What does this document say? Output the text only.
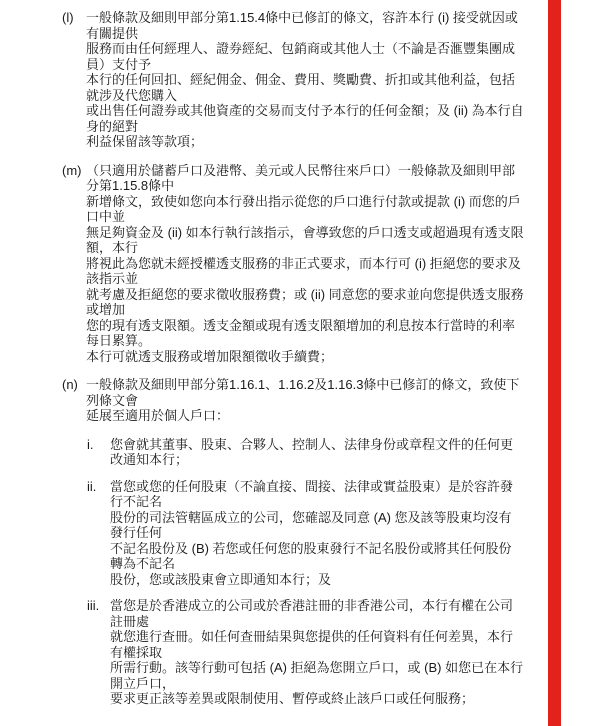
(l) 一般條款及細則甲部分第1.15.4條中已修訂的條文，容許本行 (i) 接受就因或有關提供
服務而由任何經理人、證券經紀、包銷商或其他人士（不論是否滙豐集團成員）支付予
本行的任何回扣、經紀佣金、佣金、費用、獎勵費、折扣或其他利益，包括就涉及代您購入
或出售任何證券或其他資產的交易而支付予本行的任何金額；及 (ii) 為本行自身的絕對
利益保留該等款項；
(m) （只適用於儲蓄戶口及港幣、美元或人民幣往來戶口）一般條款及細則甲部分第1.15.8條中
新增條文，致使如您向本行發出指示從您的戶口進行付款或提款 (i) 而您的戶口中並
無足夠資金及 (ii) 如本行執行該指示，會導致您的戶口透支或超過現有透支限額，本行
將視此為您就未經授權透支服務的非正式要求，而本行可 (i) 拒絕您的要求及該指示並
就考慮及拒絕您的要求徵收服務費；或 (ii) 同意您的要求並向您提供透支服務或增加
您的現有透支限額。透支金額或現有透支限額增加的利息按本行當時的利率每日累算。
本行可就透支服務或增加限額徵收手續費；
(n) 一般條款及細則甲部分第1.16.1、1.16.2及1.16.3條中已修訂的條文，致使下列條文會
延展至適用於個人戶口：
i.	您會就其董事、股東、合夥人、控制人、法律身份或章程文件的任何更改通知本行；
ii.	當您或您的任何股東（不論直接、間接、法律或實益股東）是於容許發行不記名
股份的司法管轄區成立的公司，您確認及同意 (A) 您及該等股東均沒有發行任何
不記名股份及 (B) 若您或任何您的股東發行不記名股份或將其任何股份轉為不記名
股份，您或該股東會立即通知本行；及
iii. 當您是於香港成立的公司或於香港註冊的非香港公司，本行有權在公司註冊處
就您進行查冊。如任何查冊結果與您提供的任何資料有任何差異，本行有權採取
所需行動。該等行動可包括 (A) 拒絕為您開立戶口，或 (B) 如您已在本行開立戶口，
要求更正該等差異或限制使用、暫停或終止該戶口或任何服務；
